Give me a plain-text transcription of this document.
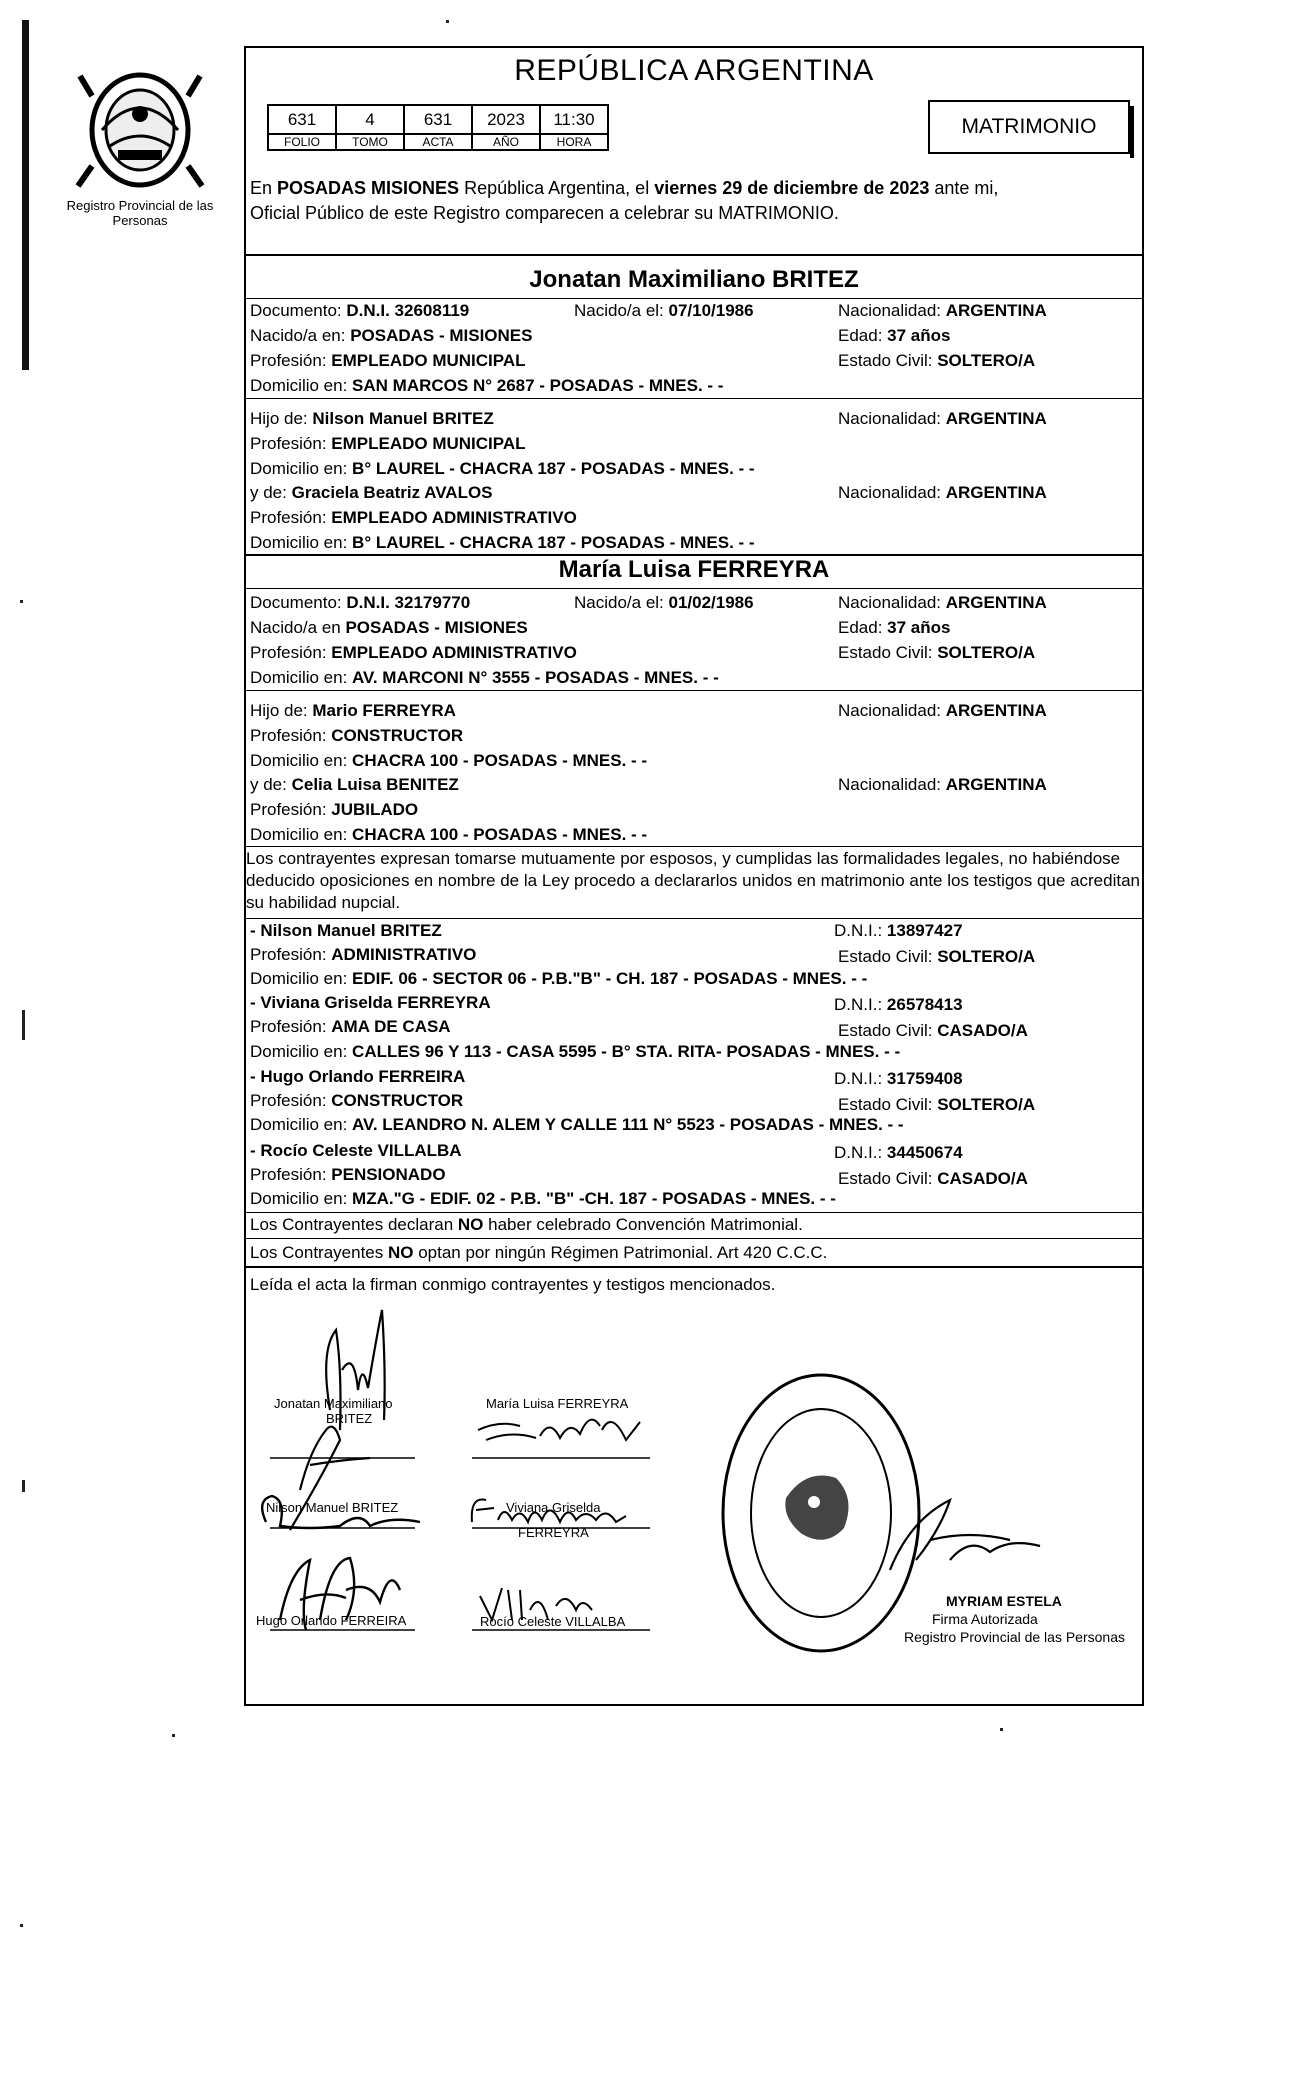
Registro Provincial de las Personas
REPÚBLICA ARGENTINA
631	4	631	2023	11:30
FOLIO	TOMO	ACTA	AÑO	HORA
MATRIMONIO
En POSADAS MISIONES República Argentina, el viernes 29 de diciembre de 2023 ante mi,
Oficial Público de este Registro comparecen a celebrar su MATRIMONIO.
Jonatan Maximiliano BRITEZ
Documento: D.N.I. 32608119	Nacido/a el: 07/10/1986	Nacionalidad: ARGENTINA
Nacido/a en: POSADAS - MISIONES	Edad: 37 años
Profesión: EMPLEADO MUNICIPAL	Estado Civil: SOLTERO/A
Domicilio en: SAN MARCOS N° 2687 - POSADAS - MNES. - -
Hijo de: Nilson Manuel BRITEZ	Nacionalidad: ARGENTINA
Profesión: EMPLEADO MUNICIPAL
Domicilio en: B° LAUREL - CHACRA 187 - POSADAS - MNES. - -
y de: Graciela Beatriz AVALOS	Nacionalidad: ARGENTINA
Profesión: EMPLEADO ADMINISTRATIVO
Domicilio en: B° LAUREL - CHACRA 187 - POSADAS - MNES. - -
María Luisa FERREYRA
Documento: D.N.I. 32179770	Nacido/a el: 01/02/1986	Nacionalidad: ARGENTINA
Nacido/a en POSADAS - MISIONES	Edad: 37 años
Profesión: EMPLEADO ADMINISTRATIVO	Estado Civil: SOLTERO/A
Domicilio en: AV. MARCONI N° 3555 - POSADAS - MNES. - -
Hijo de: Mario FERREYRA	Nacionalidad: ARGENTINA
Profesión: CONSTRUCTOR
Domicilio en: CHACRA 100 - POSADAS - MNES. - -
y de: Celia Luisa BENITEZ	Nacionalidad: ARGENTINA
Profesión: JUBILADO
Domicilio en: CHACRA 100 - POSADAS - MNES. - -
Los contrayentes expresan tomarse mutuamente por esposos, y cumplidas las formalidades legales, no habiéndose deducido oposiciones en nombre de la Ley procedo a declararlos unidos en matrimonio ante los testigos que acreditan su habilidad nupcial.
- Nilson Manuel BRITEZ	D.N.I.: 13897427
Profesión: ADMINISTRATIVO	Estado Civil: SOLTERO/A
Domicilio en: EDIF. 06 - SECTOR 06 - P.B."B" - CH. 187 - POSADAS - MNES. - -
- Viviana Griselda FERREYRA	D.N.I.: 26578413
Profesión: AMA DE CASA	Estado Civil: CASADO/A
Domicilio en: CALLES 96 Y 113 - CASA 5595 - B° STA. RITA- POSADAS - MNES. - -
- Hugo Orlando FERREIRA	D.N.I.: 31759408
Profesión: CONSTRUCTOR	Estado Civil: SOLTERO/A
Domicilio en: AV. LEANDRO N. ALEM Y CALLE 111 N° 5523 - POSADAS - MNES. - -
- Rocío Celeste VILLALBA	D.N.I.: 34450674
Profesión: PENSIONADO	Estado Civil: CASADO/A
Domicilio en: MZA."G - EDIF. 02 - P.B. "B" -CH. 187 - POSADAS - MNES. - -
Los Contrayentes declaran NO haber celebrado Convención Matrimonial.
Los Contrayentes NO optan por ningún Régimen Patrimonial. Art 420 C.C.C.
Leída el acta la firman conmigo contrayentes y testigos mencionados.
Jonatan Maximiliano
BRITEZ
María Luisa FERREYRA
Nilson Manuel BRITEZ	Viviana Griselda
FERREYRA
Hugo Orlando FERREIRA	Rocío Celeste VILLALBA
MYRIAM ESTELA
Firma Autorizada
Registro Provincial de las Personas
